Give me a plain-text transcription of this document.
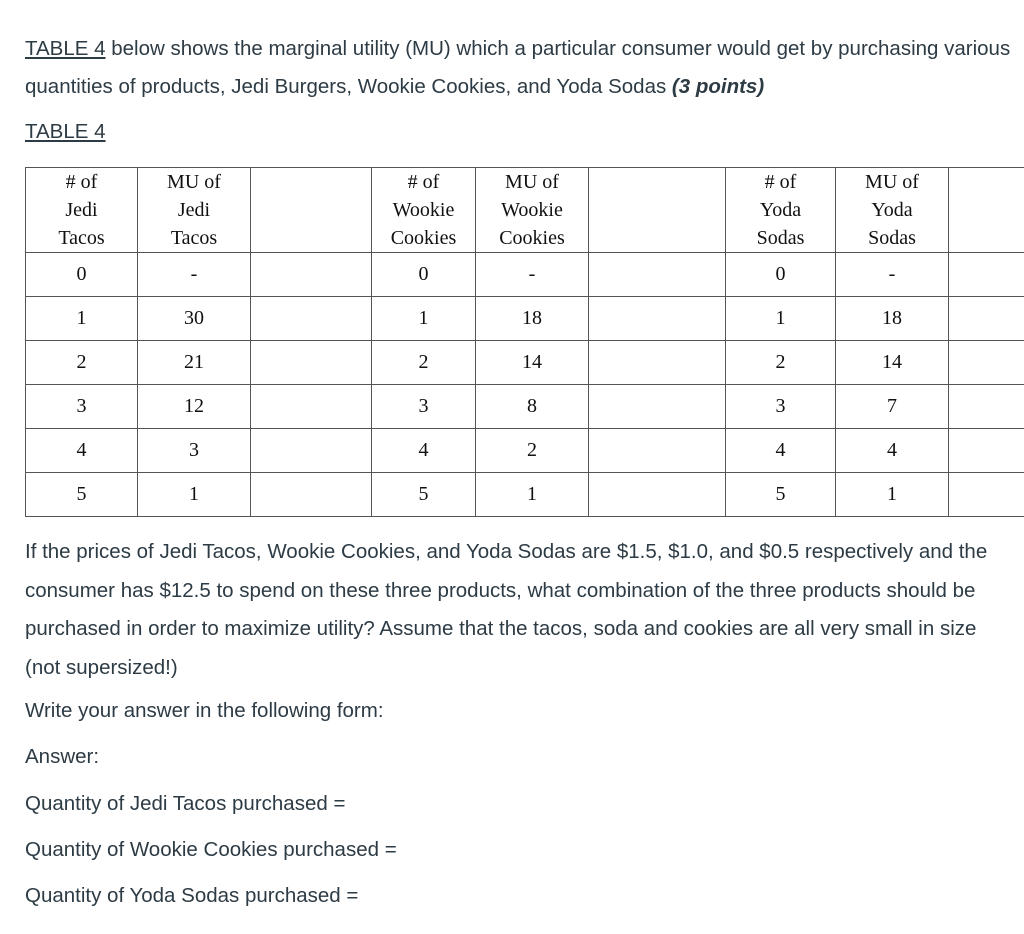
TABLE 4 below shows the marginal utility (MU) which a particular consumer would get by purchasing various quantities of products, Jedi Burgers, Wookie Cookies, and Yoda Sodas (3 points)

TABLE 4

# of
Jedi
Tacos	MU of
Jedi
Tacos		# of
Wookie
Cookies	MU of
Wookie
Cookies		# of
Yoda
Sodas	MU of
Yoda
Sodas	
0	-		0	-		0	-	
1	30		1	18		1	18	
2	21		2	14		2	14	
3	12		3	8		3	7	
4	3		4	2		4	4	
5	1		5	1		5	1	

If the prices of Jedi Tacos, Wookie Cookies, and Yoda Sodas are $1.5, $1.0, and $0.5 respectively and the consumer has $12.5 to spend on these three products, what combination of the three products should be purchased in order to maximize utility? Assume that the tacos, soda and cookies are all very small in size (not supersized!)

Write your answer in the following form:

Answer:

Quantity of Jedi Tacos purchased =

Quantity of Wookie Cookies purchased =

Quantity of Yoda Sodas purchased =
